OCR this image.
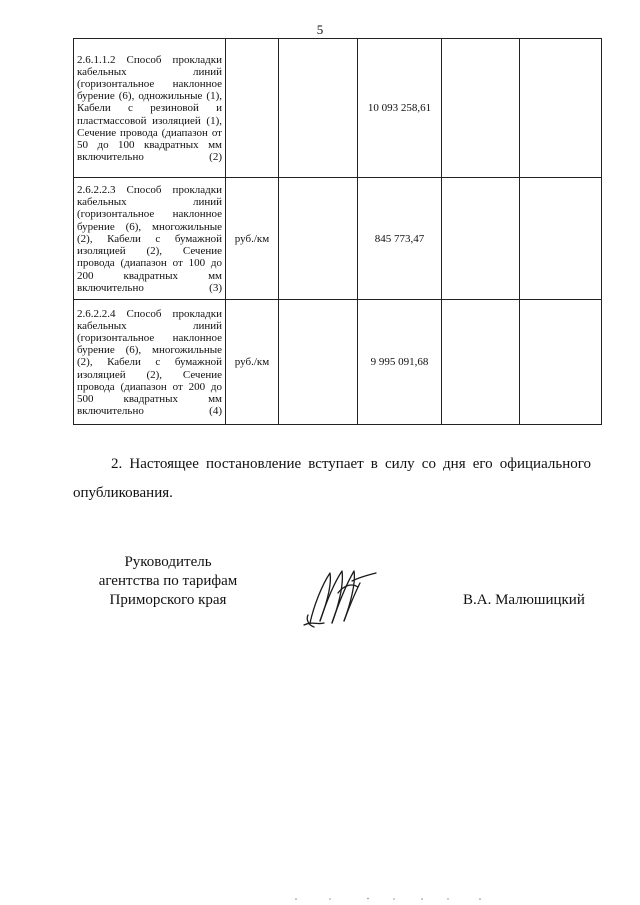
5
2.6.1.1.2 Способ прокладки кабельных линий (горизонтальное наклонное бурение (6), одножильные (1), Кабели с резиновой и пластмассовой изоляцией (1), Сечение провода (диапазон от 50 до 100 квадратных мм включительно (2)			10 093 258,61		
2.6.2.2.3 Способ прокладки кабельных линий (горизонтальное наклонное бурение (6), многожильные (2), Кабели с бумажной изоляцией (2), Сечение провода (диапазон от 100 до 200 квадратных мм включительно (3)	руб./км		845 773,47		
2.6.2.2.4 Способ прокладки кабельных линий (горизонтальное наклонное бурение (6), многожильные (2), Кабели с бумажной изоляцией (2), Сечение провода (диапазон от 200 до 500 квадратных мм включительно (4)	руб./км		9 995 091,68		
2. Настоящее постановление вступает в силу со дня его официального опубликования.
Руководитель
агентства по тарифам
Приморского края	В.А. Малюшицкий
